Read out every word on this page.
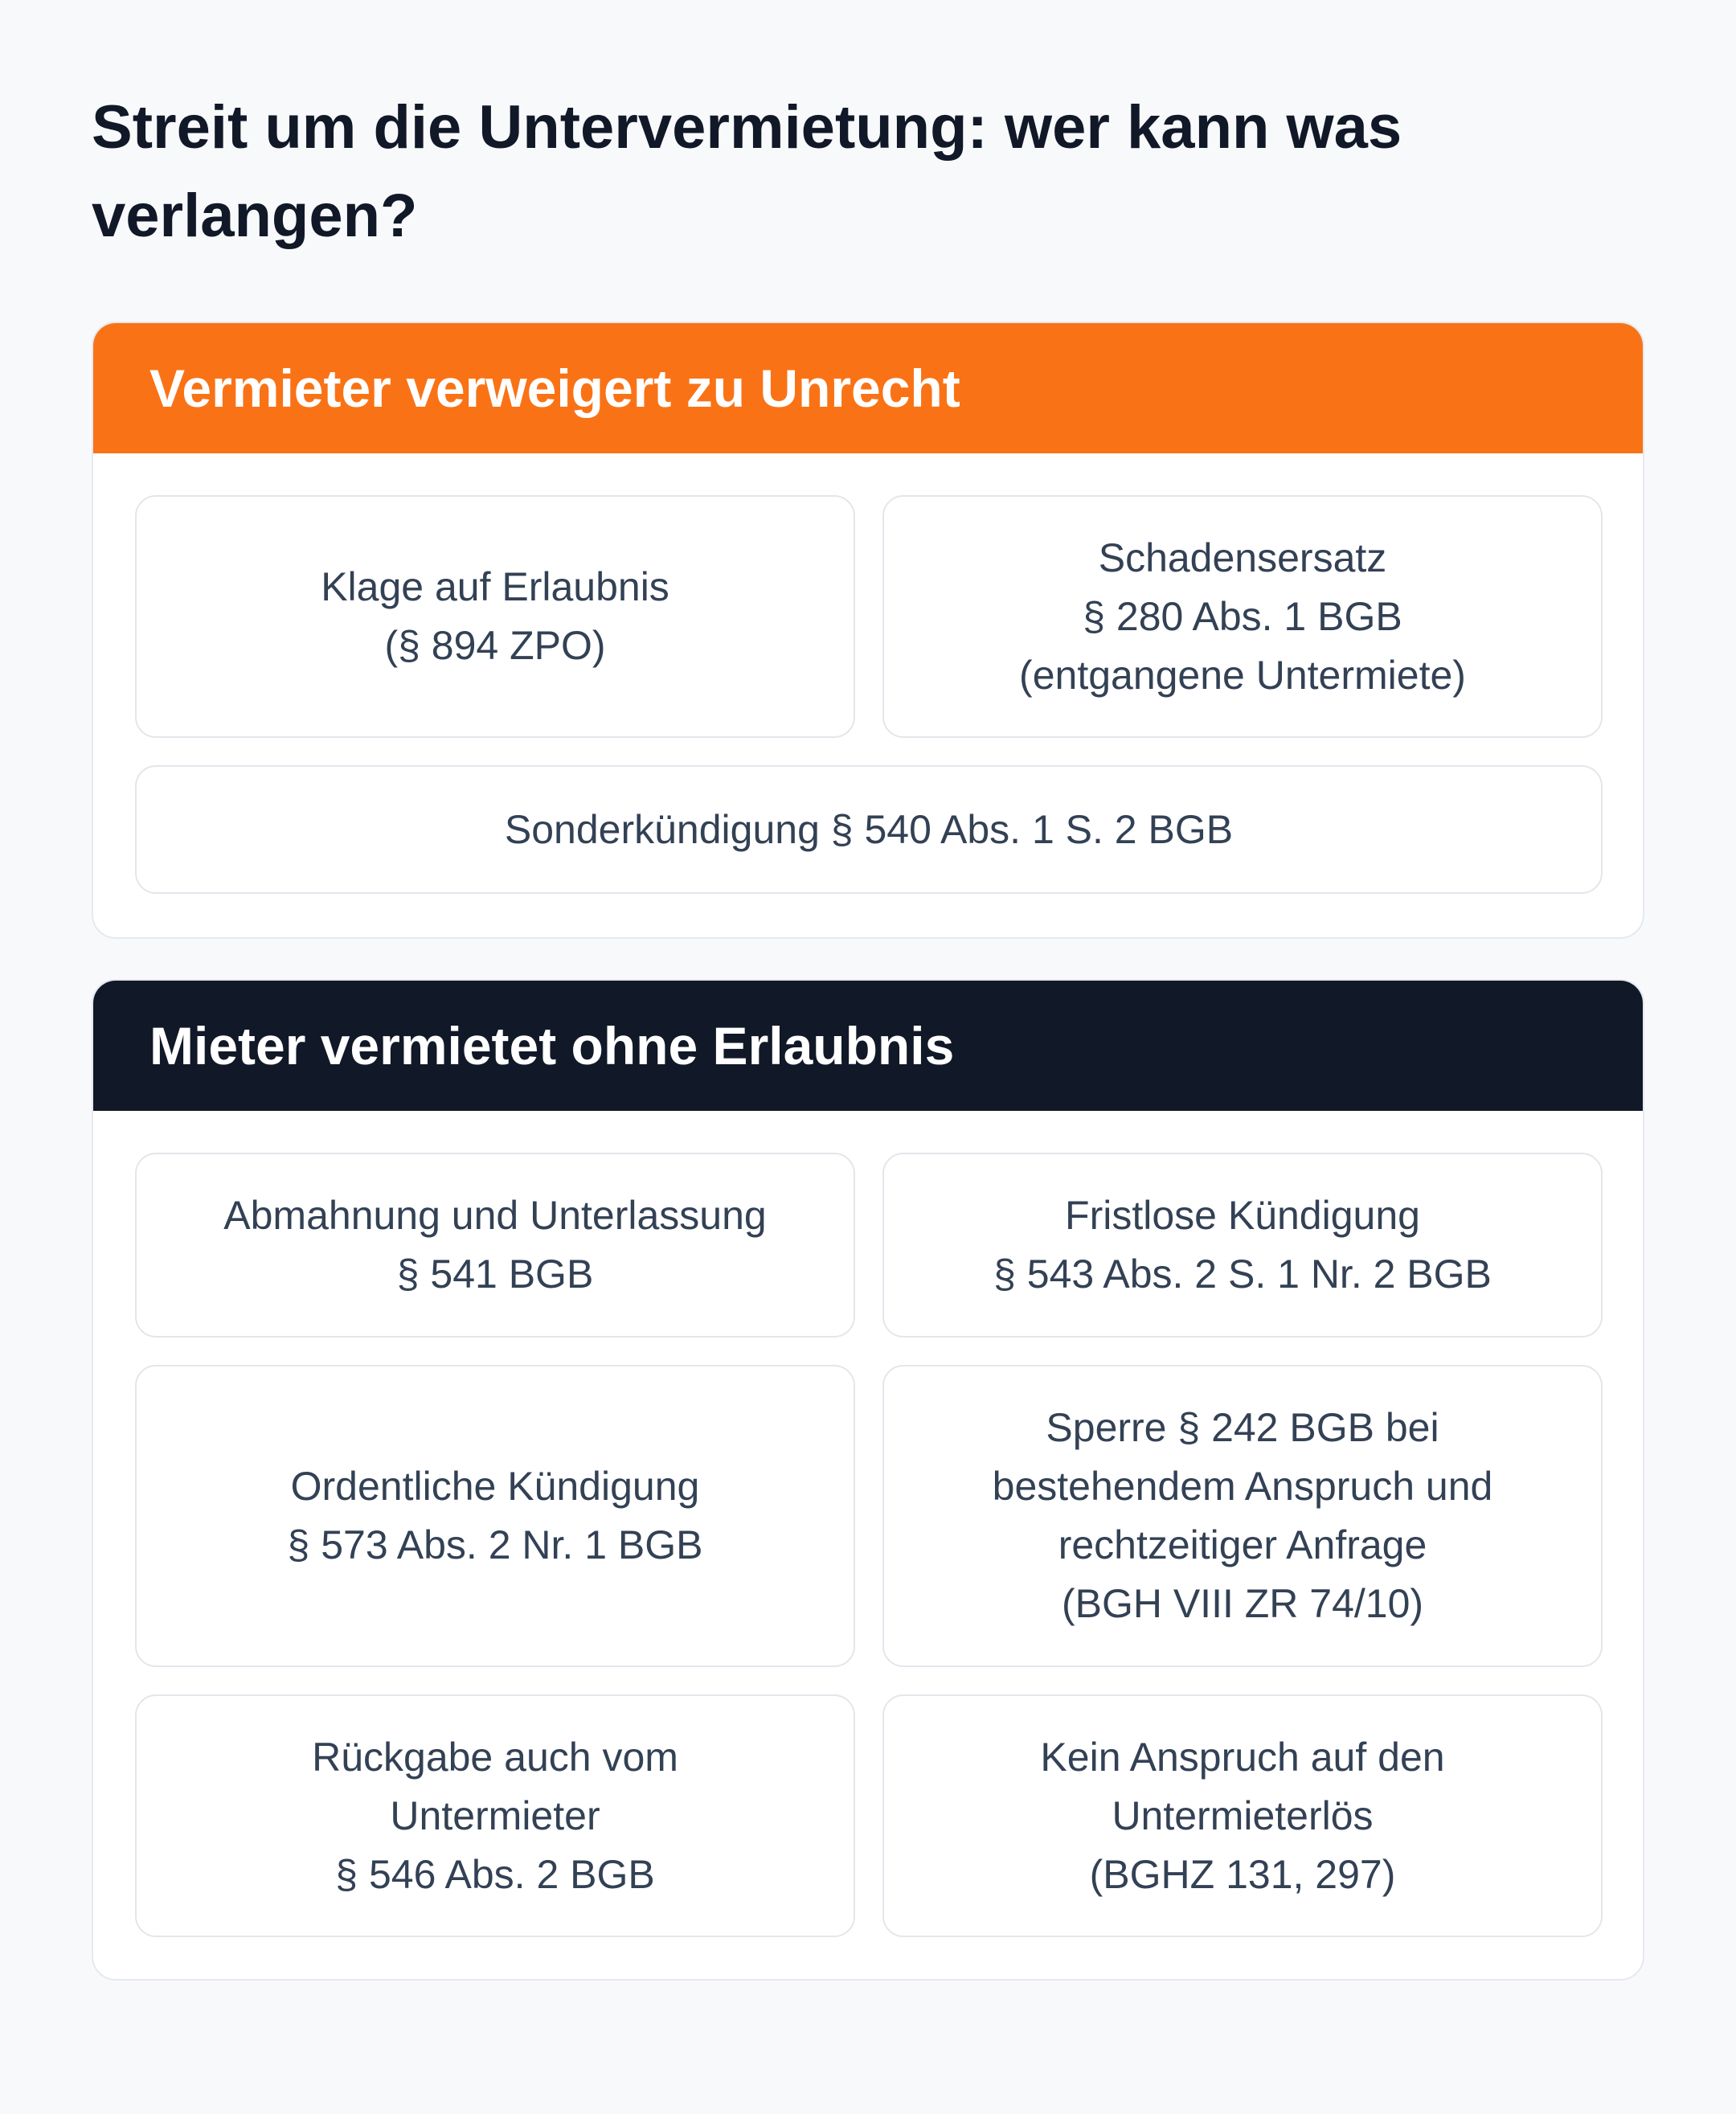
Streit um die Untervermietung: wer kann was
verlangen?
Vermieter verweigert zu Unrecht
Klage auf Erlaubnis
(§ 894 ZPO)
Schadensersatz
§ 280 Abs. 1 BGB
(entgangene Untermiete)
Sonderkündigung § 540 Abs. 1 S. 2 BGB
Mieter vermietet ohne Erlaubnis
Abmahnung und Unterlassung
§ 541 BGB
Fristlose Kündigung
§ 543 Abs. 2 S. 1 Nr. 2 BGB
Ordentliche Kündigung
§ 573 Abs. 2 Nr. 1 BGB
Sperre § 242 BGB bei
bestehendem Anspruch und
rechtzeitiger Anfrage
(BGH VIII ZR 74/10)
Rückgabe auch vom
Untermieter
§ 546 Abs. 2 BGB
Kein Anspruch auf den
Untermieterlös
(BGHZ 131, 297)
